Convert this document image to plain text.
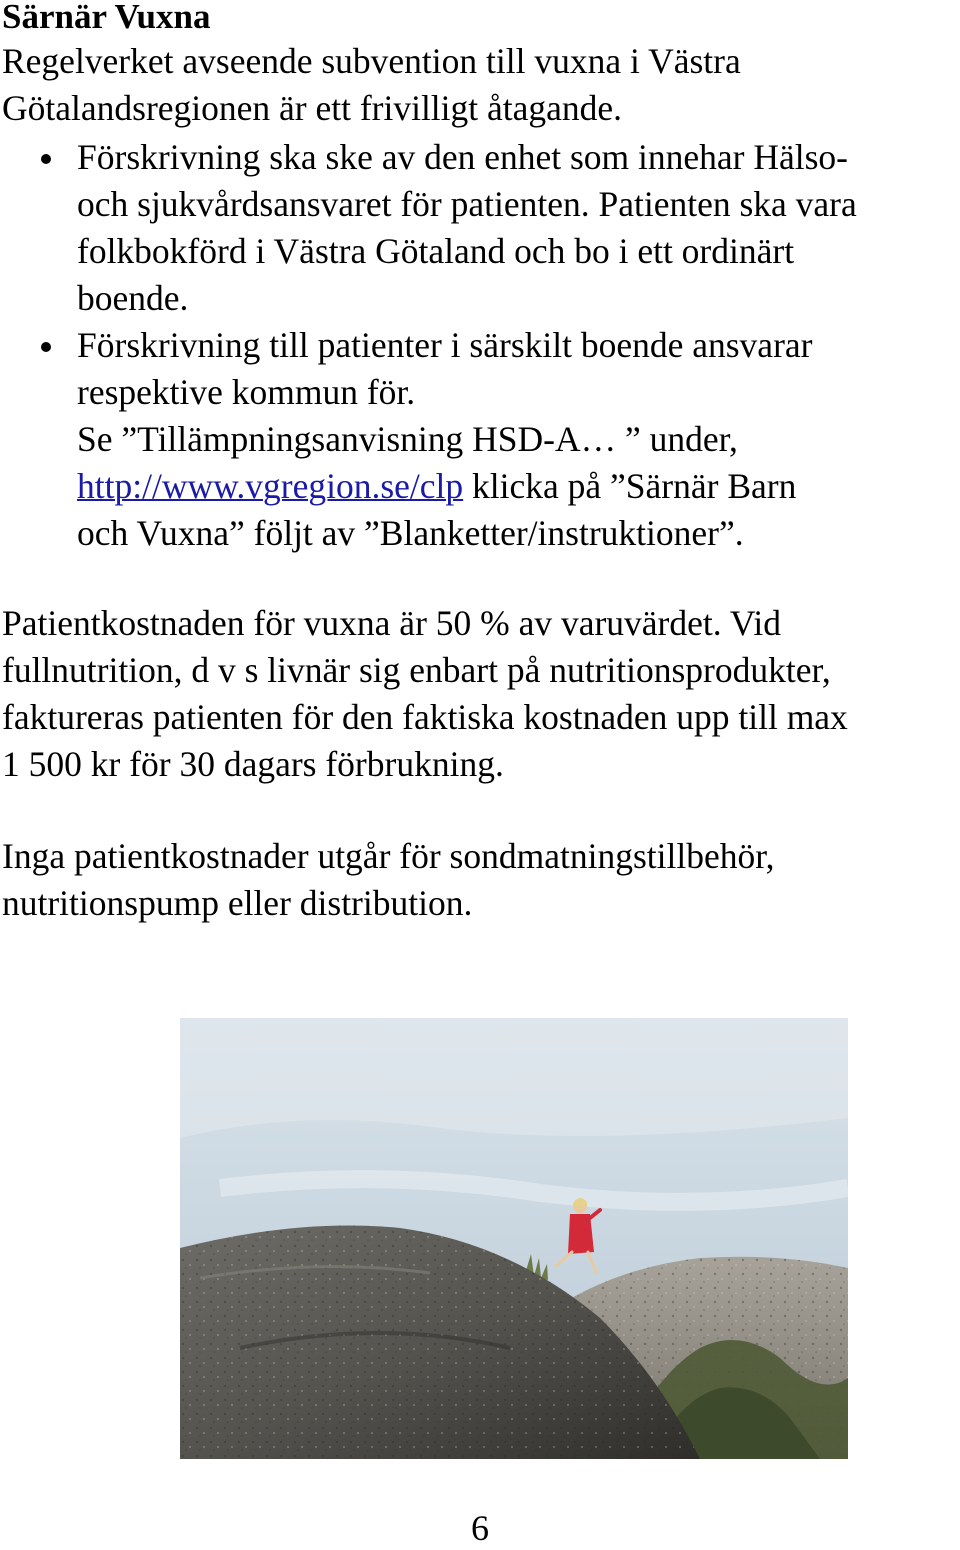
Särnär Vuxna

Regelverket avseende subvention till vuxna i Västra
Götalandsregionen är ett frivilligt åtagande.

Förskrivning ska ske av den enhet som innehar Hälso-
och sjukvårdsansvaret för patienten. Patienten ska vara
folkbokförd i Västra Götaland och bo i ett ordinärt
boende.
Förskrivning till patienter i särskilt boende ansvarar
respektive kommun för.
Se ”Tillämpningsanvisning HSD-A… ” under,
http://www.vgregion.se/clp klicka på ”Särnär Barn
och Vuxna” följt av ”Blanketter/instruktioner”.

Patientkostnaden för vuxna är 50 % av varuvärdet. Vid
fullnutrition, d v s livnär sig enbart på nutritionsprodukter,
faktureras patienten för den faktiska kostnaden upp till max
1 500 kr för 30 dagars förbrukning.

Inga patientkostnader utgår för sondmatningstillbehör,
nutritionspump eller distribution.

6
